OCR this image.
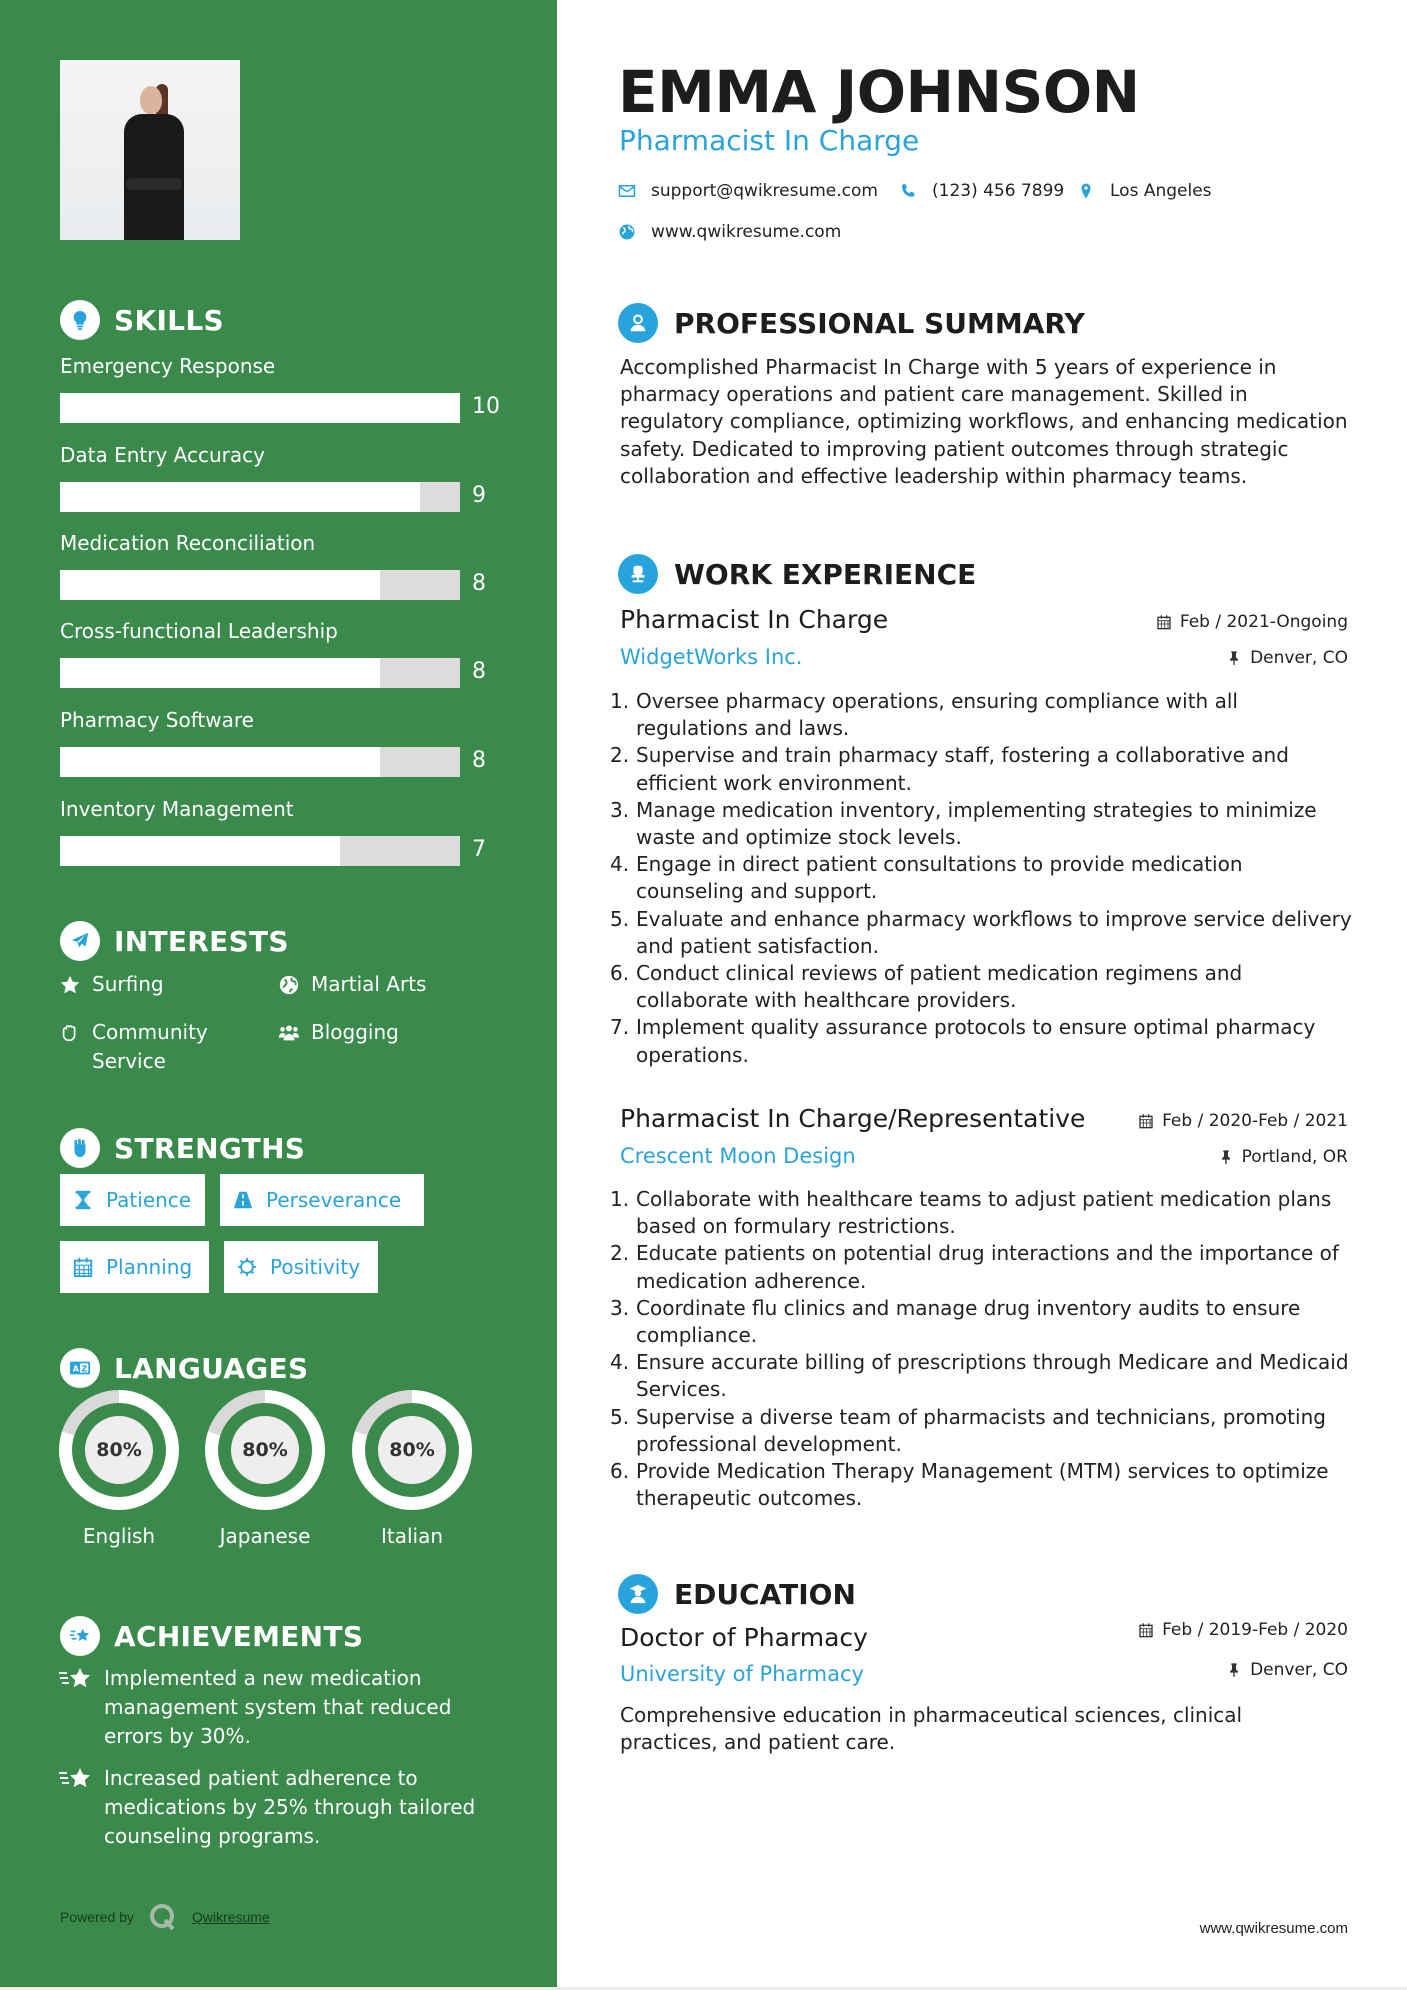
SKILLS
Emergency Response
10
Data Entry Accuracy
9
Medication Reconciliation
8
Cross-functional Leadership
8
Pharmacy Software
8
Inventory Management
7
INTERESTS
Surfing	Martial Arts
Community Service
Blogging
STRENGTHS
Patience	Perseverance
Planning	Positivity
A Z LANGUAGES
80%
English
80%
Japanese
80%
Italian
ACHIEVEMENTS
Implemented a new medication management system that reduced errors by 30%.
Increased patient adherence to medications by 25% through tailored counseling programs.
Powered by	Qwikresume
EMMA JOHNSON
Pharmacist In Charge
support@qwikresume.com	(123) 456 7899	Los Angeles
www.qwikresume.com
PROFESSIONAL SUMMARY
Accomplished Pharmacist In Charge with 5 years of experience in pharmacy operations and patient care management. Skilled in regulatory compliance, optimizing workflows, and enhancing medication safety. Dedicated to improving patient outcomes through strategic collaboration and effective leadership within pharmacy teams.
WORK EXPERIENCE
Pharmacist In Charge	Feb / 2021-Ongoing
WidgetWorks Inc.	Denver, CO
1. Oversee pharmacy operations, ensuring compliance with all regulations and laws.
2. Supervise and train pharmacy staff, fostering a collaborative and efficient work environment.
3. Manage medication inventory, implementing strategies to minimize waste and optimize stock levels.
4. Engage in direct patient consultations to provide medication counseling and support.
5. Evaluate and enhance pharmacy workflows to improve service delivery and patient satisfaction.
6. Conduct clinical reviews of patient medication regimens and collaborate with healthcare providers.
7. Implement quality assurance protocols to ensure optimal pharmacy operations.
Pharmacist In Charge/Representative	Feb / 2020-Feb / 2021
Crescent Moon Design	Portland, OR
1. Collaborate with healthcare teams to adjust patient medication plans based on formulary restrictions.
2. Educate patients on potential drug interactions and the importance of medication adherence.
3. Coordinate flu clinics and manage drug inventory audits to ensure compliance.
4. Ensure accurate billing of prescriptions through Medicare and Medicaid Services.
5. Supervise a diverse team of pharmacists and technicians, promoting professional development.
6. Provide Medication Therapy Management (MTM) services to optimize therapeutic outcomes.
EDUCATION
Doctor of Pharmacy	Feb / 2019-Feb / 2020
University of Pharmacy	Denver, CO
Comprehensive education in pharmaceutical sciences, clinical practices, and patient care.
www.qwikresume.com
